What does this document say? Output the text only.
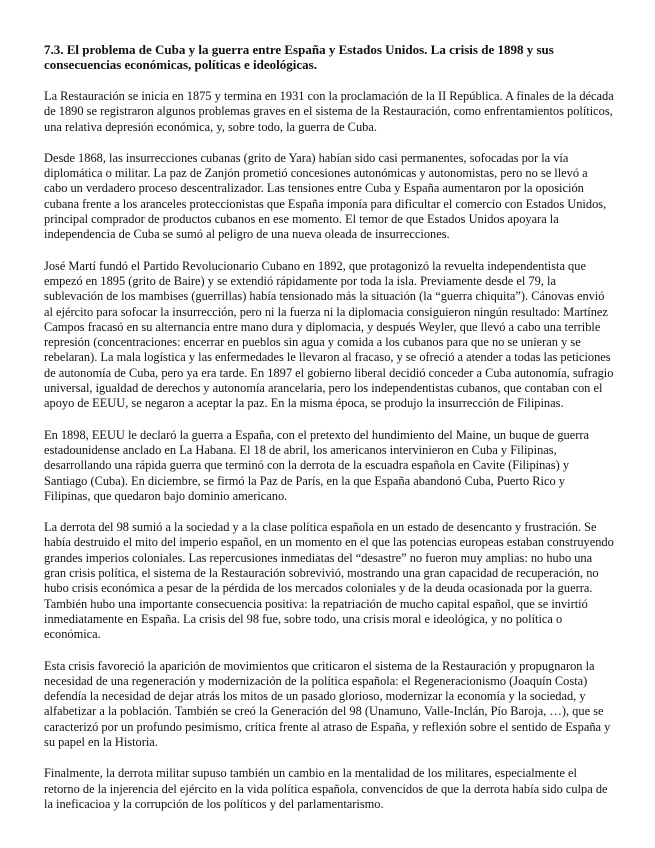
7.3. El problema de Cuba y la guerra entre España y Estados Unidos. La crisis de 1898 y sus consecuencias económicas, políticas e ideológicas.

La Restauración se inicia en 1875 y termina en 1931 con la proclamación de la II República. A finales de la década de 1890 se registraron algunos problemas graves en el sistema de la Restauración, como enfrentamientos políticos, una relativa depresión económica, y, sobre todo, la guerra de Cuba.

Desde 1868, las insurrecciones cubanas (grito de Yara) habían sido casi permanentes, sofocadas por la vía diplomática o militar. La paz de Zanjón prometió concesiones autonómicas y autonomistas, pero no se llevó a cabo un verdadero proceso descentralizador. Las tensiones entre Cuba y España aumentaron por la oposición cubana frente a los aranceles proteccionistas que España imponía para dificultar el comercio con Estados Unidos, principal comprador de productos cubanos en ese momento. El temor de que Estados Unidos apoyara la independencia de Cuba se sumó al peligro de una nueva oleada de insurrecciones.

José Martí fundó el Partido Revolucionario Cubano en 1892, que protagonizó la revuelta independentista que empezó en 1895 (grito de Baire) y se extendió rápidamente por toda la isla. Previamente desde el 79, la sublevación de los mambises (guerrillas) había tensionado más la situación (la “guerra chiquita”). Cánovas envió al ejército para sofocar la insurrección, pero ni la fuerza ni la diplomacia consiguieron ningún resultado: Martínez Campos fracasó en su alternancia entre mano dura y diplomacia, y después Weyler, que llevó a cabo una terrible represión (concentraciones: encerrar en pueblos sin agua y comida a los cubanos para que no se unieran y se rebelaran). La mala logística y las enfermedades le llevaron al fracaso, y se ofreció a atender a todas las peticiones de autonomía de Cuba, pero ya era tarde. En 1897 el gobierno liberal decidió conceder a Cuba autonomía, sufragio universal, igualdad de derechos y autonomía arancelaria, pero los independentistas cubanos, que contaban con el apoyo de EEUU, se negaron a aceptar la paz. En la misma época, se produjo la insurrección de Filipinas.

En 1898, EEUU le declaró la guerra a España, con el pretexto del hundimiento del Maine, un buque de guerra estadounidense anclado en La Habana. El 18 de abril, los americanos intervinieron en Cuba y Filipinas, desarrollando una rápida guerra que terminó con la derrota de la escuadra española en Cavite (Filipinas) y Santiago (Cuba). En diciembre, se firmó la Paz de París, en la que España abandonó Cuba, Puerto Rico y Filipinas, que quedaron bajo dominio americano.

La derrota del 98 sumió a la sociedad y a la clase política española en un estado de desencanto y frustración. Se había destruido el mito del imperio español, en un momento en el que las potencias europeas estaban construyendo grandes imperios coloniales. Las repercusiones inmediatas del “desastre” no fueron muy amplias: no hubo una gran crisis política, el sistema de la Restauración sobrevivió, mostrando una gran capacidad de recuperación, no hubo crisis económica a pesar de la pérdida de los mercados coloniales y de la deuda ocasionada por la guerra. También hubo una importante consecuencia positiva: la repatriación de mucho capital español, que se invirtió inmediatamente en España. La crisis del 98 fue, sobre todo, una crisis moral e ideológica, y no política o económica.

Esta crisis favoreció la aparición de movimientos que criticaron el sistema de la Restauración y propugnaron la necesidad de una regeneración y modernización de la política española: el Regeneracionismo (Joaquín Costa) defendía la necesidad de dejar atrás los mitos de un pasado glorioso, modernizar la economía y la sociedad, y alfabetizar a la población. También se creó la Generación del 98 (Unamuno, Valle-Inclán, Pío Baroja, …), que se caracterizó por un profundo pesimismo, crítica frente al atraso de España, y reflexión sobre el sentido de España y su papel en la Historia.

Finalmente, la derrota militar supuso también un cambio en la mentalidad de los militares, especialmente el retorno de la injerencia del ejército en la vida política española, convencidos de que la derrota había sido culpa de la ineficacioa y la corrupción de los políticos y del parlamentarismo.
